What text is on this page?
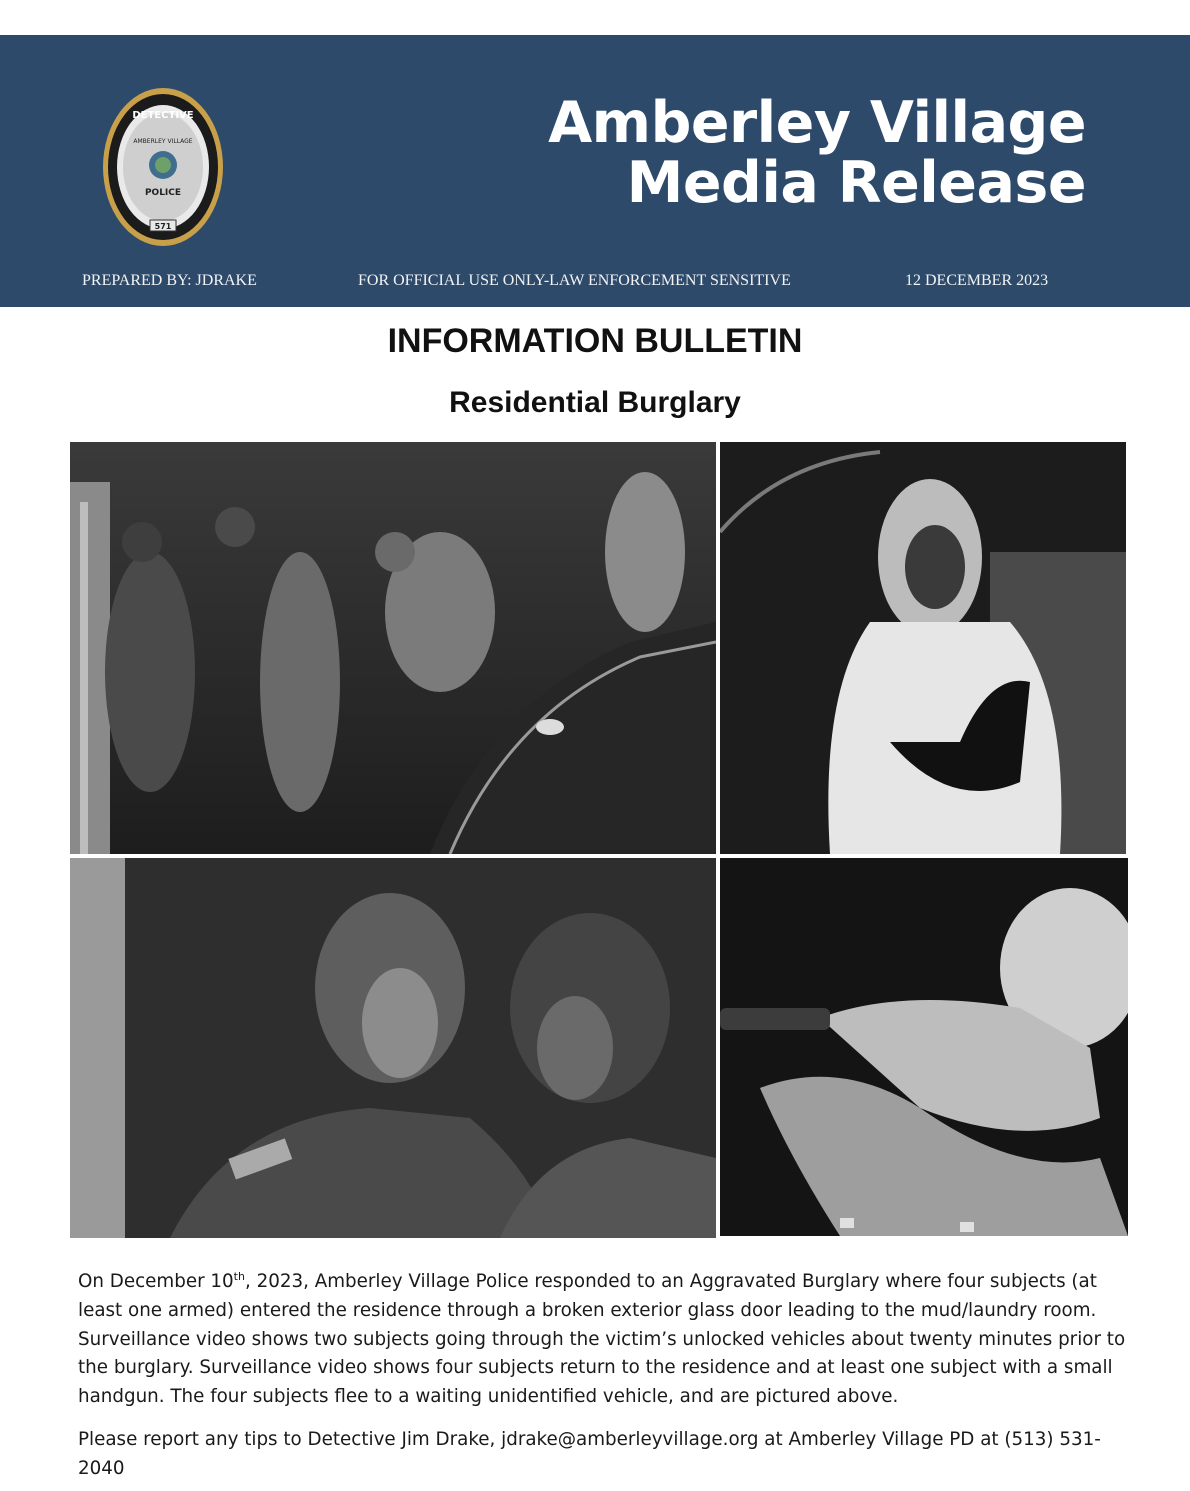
DETECTIVE
AMBERLEY VILLAGE
POLICE
571
Amberley Village
Media Release
PREPARED BY: JDRAKE	FOR OFFICIAL USE ONLY-LAW ENFORCEMENT SENSITIVE	12 DECEMBER 2023
INFORMATION BULLETIN
Residential Burglary
On December 10th, 2023, Amberley Village Police responded to an Aggravated Burglary where four subjects (at least one armed) entered the residence through a broken exterior glass door leading to the mud/laundry room. Surveillance video shows two subjects going through the victim’s unlocked vehicles about twenty minutes prior to the burglary. Surveillance video shows four subjects return to the residence and at least one subject with a small handgun. The four subjects flee to a waiting unidentified vehicle, and are pictured above.
Please report any tips to Detective Jim Drake, jdrake@amberleyvillage.org at Amberley Village PD at (513) 531-2040
